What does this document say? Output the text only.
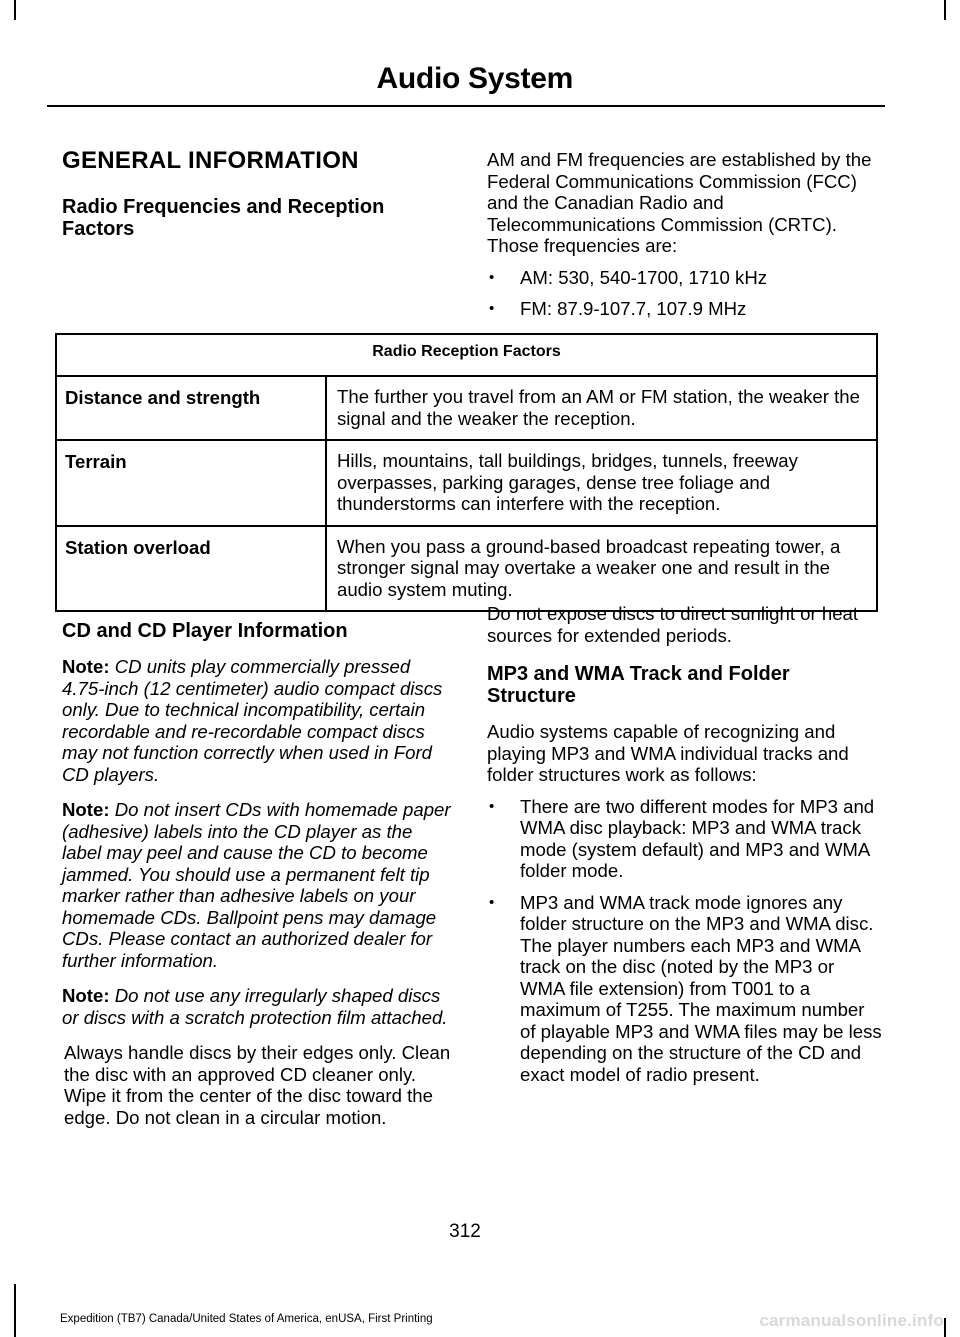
Audio System
GENERAL INFORMATION
Radio Frequencies and Reception Factors

AM and FM frequencies are established by the Federal Communications Commission (FCC) and the Canadian Radio and Telecommunications Commission (CRTC). Those frequencies are:

• AM: 530, 540-1700, 1710 kHz
• FM: 87.9-107.7, 107.9 MHz
Radio Reception Factors	
Distance and strength	The further you travel from an AM or FM station, the weaker the signal and the weaker the reception.
Terrain	Hills, mountains, tall buildings, bridges, tunnels, freeway overpasses, parking garages, dense tree foliage and thunderstorms can interfere with the reception.
Station overload	When you pass a ground-based broadcast repeating tower, a stronger signal may overtake a weaker one and result in the audio system muting.
CD and CD Player Information

Note: CD units play commercially pressed 4.75-inch (12 centimeter) audio compact discs only. Due to technical incompatibility, certain recordable and re-recordable compact discs may not function correctly when used in Ford CD players.

Note: Do not insert CDs with homemade paper (adhesive) labels into the CD player as the label may peel and cause the CD to become jammed. You should use a permanent felt tip marker rather than adhesive labels on your homemade CDs. Ballpoint pens may damage CDs. Please contact an authorized dealer for further information.

Note: Do not use any irregularly shaped discs or discs with a scratch protection film attached.

Always handle discs by their edges only. Clean the disc with an approved CD cleaner only. Wipe it from the center of the disc toward the edge. Do not clean in a circular motion.

Do not expose discs to direct sunlight or heat sources for extended periods.

MP3 and WMA Track and Folder Structure

Audio systems capable of recognizing and playing MP3 and WMA individual tracks and folder structures work as follows:

• There are two different modes for MP3 and WMA disc playback: MP3 and WMA track mode (system default) and MP3 and WMA folder mode.
• MP3 and WMA track mode ignores any folder structure on the MP3 and WMA disc. The player numbers each MP3 and WMA track on the disc (noted by the MP3 or WMA file extension) from T001 to a maximum of T255. The maximum number of playable MP3 and WMA files may be less depending on the structure of the CD and exact model of radio present.
312
Expedition (TB7) Canada/United States of America, enUSA, First Printing	carmanualsonline.info
